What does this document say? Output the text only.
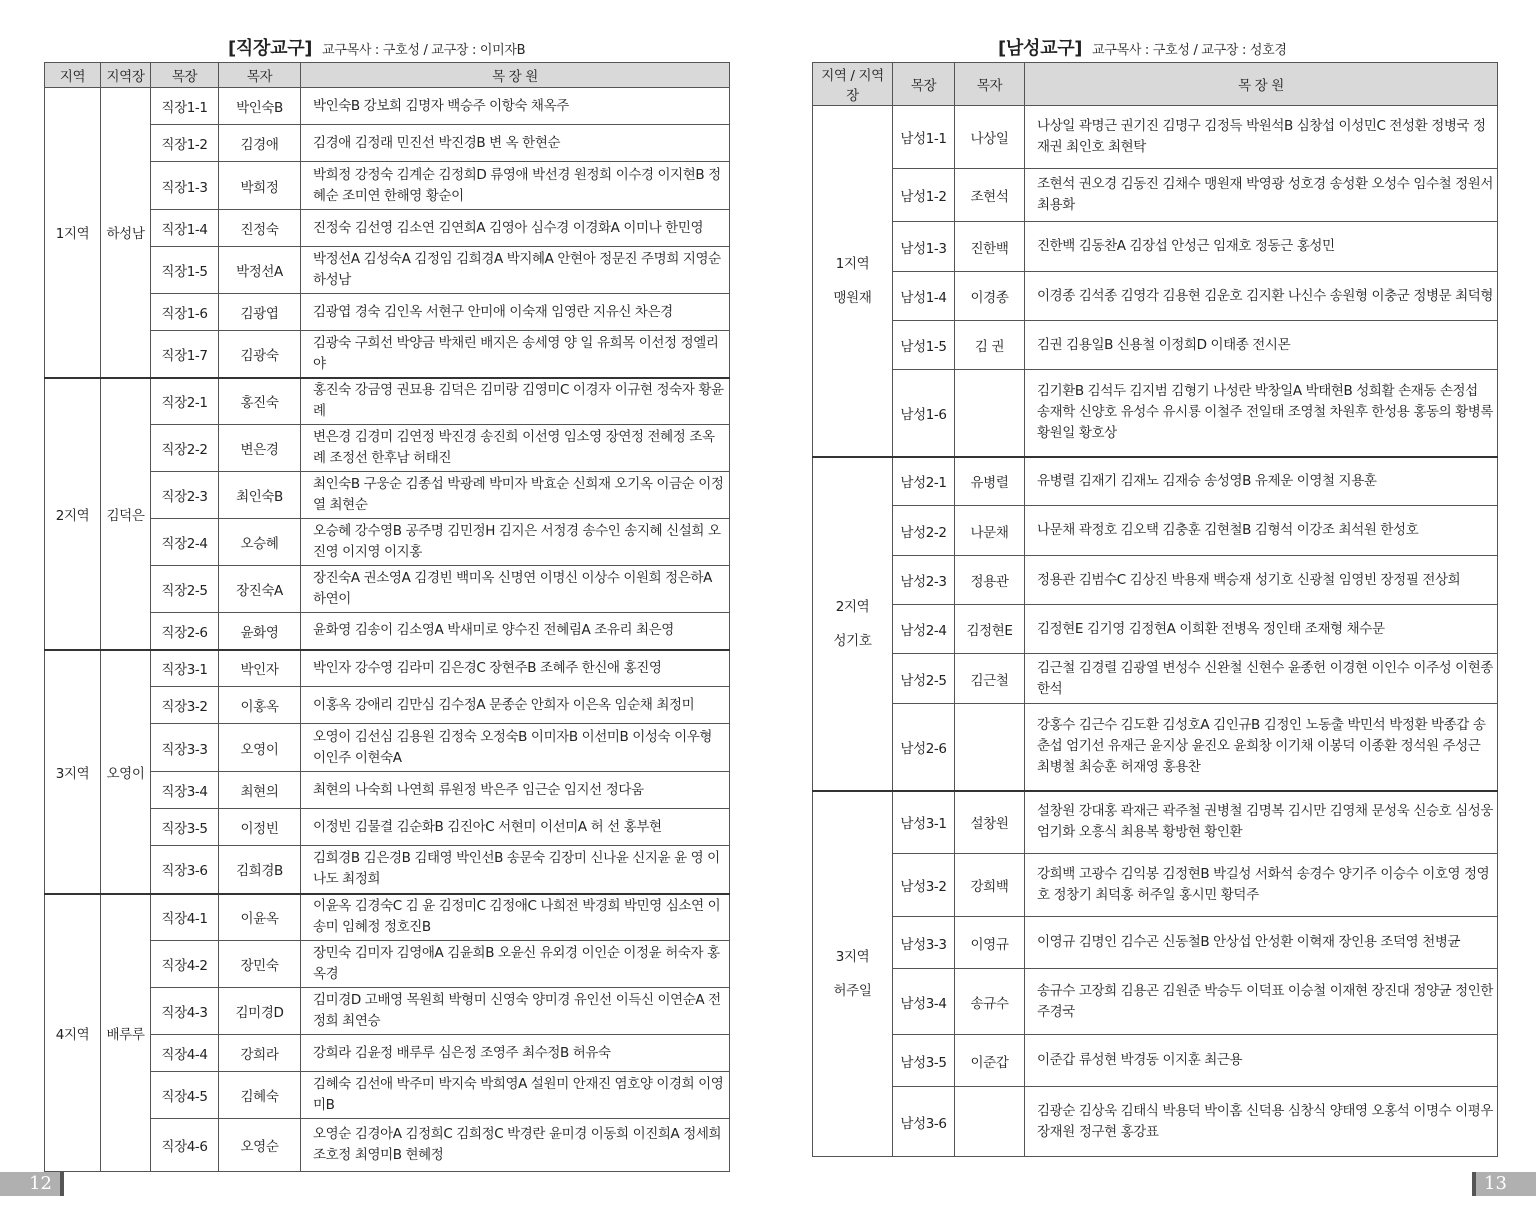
[직장교구] 교구목사 : 구호성 / 교구장 : 이미자B
지역	지역장	목장	목자	목 장 원
1지역	하성남	직장1-1	박인숙B	박인숙B 강보희 김명자 백승주 이항숙 채옥주
		직장1-2	김경애	김경애 김정래 민진선 박진경B 변 옥 한현순
		직장1-3	박희정	박희정 강정숙 김계순 김정희D 류영애 박선경 원정희 이수경 이지현B 정혜순 조미연 한해영 황순이
		직장1-4	진정숙	진정숙 김선영 김소연 김연희A 김영아 심수경 이경화A 이미나 한민영
		직장1-5	박정선A	박정선A 김성숙A 김정임 김희경A 박지혜A 안현아 정문진 주명희 지영순 하성남
		직장1-6	김광엽	김광엽 경숙 김인옥 서현구 안미애 이숙재 임영란 지유신 차은경
		직장1-7	김광숙	김광숙 구희선 박양금 박채린 배지은 송세영 양 일 유희목 이선정 정엘리야
2지역	김덕은	직장2-1	홍진숙	홍진숙 강금영 권묘용 김덕은 김미랑 김영미C 이경자 이규현 정숙자 황윤례
		직장2-2	변은경	변은경 김경미 김연정 박진경 송진희 이선영 임소영 장연정 전혜정 조옥례 조정선 한후남 허태진
		직장2-3	최인숙B	최인숙B 구웅순 김종섭 박광례 박미자 박효순 신희재 오기옥 이금순 이정열 최현순
		직장2-4	오승혜	오승혜 강수영B 공주명 김민정H 김지은 서정경 송수인 송지혜 신설희 오진영 이지영 이지홍
		직장2-5	장진숙A	장진숙A 권소영A 김경빈 백미옥 신명연 이명신 이상수 이원희 정은하A 하연이
		직장2-6	윤화영	윤화영 김송이 김소영A 박새미로 양수진 전혜림A 조유리 최은영
3지역	오영이	직장3-1	박인자	박인자 강수영 김라미 김은경C 장현주B 조혜주 한신애 홍진영
		직장3-2	이홍옥	이홍옥 강애리 김만심 김수정A 문종순 안희자 이은옥 임순채 최정미
		직장3-3	오영이	오영이 김선심 김용원 김정숙 오정숙B 이미자B 이선미B 이성숙 이우형 이인주 이현숙A
		직장3-4	최현의	최현의 나숙희 나연희 류원정 박은주 임근순 임지선 정다움
		직장3-5	이정빈	이정빈 김물결 김순화B 김진아C 서현미 이선미A 허 선 홍부현
		직장3-6	김희경B	김희경B 김은경B 김태영 박인선B 송문숙 김장미 신나윤 신지윤 윤 영 이나도 최정희
4지역	배루루	직장4-1	이윤옥	이윤옥 김경숙C 김 윤 김정미C 김정애C 나희전 박경희 박민영 심소연 이송미 임혜정 정호진B
		직장4-2	장민숙	장민숙 김미자 김영애A 김윤희B 오윤신 유외경 이인순 이정윤 허숙자 홍옥경
		직장4-3	김미경D	김미경D 고배영 목원희 박형미 신영숙 양미경 유인선 이득신 이연순A 전정희 최연승
		직장4-4	강희라	강희라 김윤정 배루루 심은정 조영주 최수정B 허유숙
		직장4-5	김혜숙	김혜숙 김선애 박주미 박지숙 박희영A 설원미 안재진 염호양 이경희 이영미B
		직장4-6	오영순	오영순 김경아A 김정희C 김희정C 박경란 윤미경 이동희 이진희A 정세희 조호정 최영미B 현혜정
12
[남성교구] 교구목사 : 구호성 / 교구장 : 성호경
지역 / 지역장	목장	목자	목 장 원

1지역
맹원재	남성1-1	나상일	나상일 곽명근 권기진 김명구 김정득 박원석B 심창섭 이성민C 전성환 정병국 정재권 최인호 최현탁
	남성1-2	조현석	조현석 권오경 김동진 김채수 맹원재 박영광 성호경 송성환 오성수 임수철 정원서 최용화
	남성1-3	진한백	진한백 김동찬A 김장섭 안성근 임재호 정동근 홍성민
	남성1-4	이경종	이경종 김석종 김영각 김용현 김운호 김지환 나신수 송원형 이충군 정병문 최덕형
	남성1-5	김 권	김권 김용일B 신용철 이정희D 이태종 전시몬
	남성1-6		김기환B 김석두 김지범 김형기 나성란 박창일A 박태현B 성희활 손재동 손정섭 송재학 신양호 유성수 유시룡 이철주 전일태 조영철 차원후 한성용 홍동의 황병록 황원일 황호상

2지역
성기호	남성2-1	유병렬	유병렬 김재기 김재노 김재승 송성영B 유제운 이영철 지용훈
	남성2-2	나문채	나문채 곽정호 김오택 김충훈 김현철B 김형석 이강조 최석원 한성호
	남성2-3	정용관	정용관 김범수C 김상진 박용재 백승재 성기호 신광철 임영빈 장정필 전상희
	남성2-4	김정현E	김정현E 김기영 김정현A 이희환 전병옥 정인태 조재형 채수문
	남성2-5	김근철	김근철 김경렬 김광열 변성수 신완철 신현수 윤종헌 이경현 이인수 이주성 이현종 한석
	남성2-6		강홍수 김근수 김도환 김성호A 김인규B 김정인 노동출 박민석 박정환 박종갑 송춘섭 엄기선 유재근 윤지상 윤진오 윤희창 이기채 이봉덕 이종환 정석원 주성근 최병철 최승훈 허재영 홍용찬

3지역
허주일	남성3-1	설창원	설창원 강대홍 곽재근 곽주철 권병철 김명복 김시만 김영채 문성욱 신승호 심성웅 엄기화 오흥식 최용복 황방현 황인환
	남성3-2	강희백	강희백 고광수 김익봉 김정현B 박길성 서화석 송경수 양기주 이승수 이호영 정영호 정창기 최덕홍 허주일 홍시민 황덕주
	남성3-3	이영규	이영규 김명인 김수곤 신동철B 안상섭 안성환 이혁재 장인용 조덕영 천병균
	남성3-4	송규수	송규수 고장희 김용곤 김원준 박승두 이덕표 이승철 이재현 장진대 정양균 정인한 주경국
	남성3-5	이준갑	이준갑 류성현 박경동 이지훈 최근용
	남성3-6		김광순 김상욱 김태식 박용덕 박이홈 신덕용 심창식 양태영 오홍석 이명수 이평우 장재원 정구현 홍강표
13
